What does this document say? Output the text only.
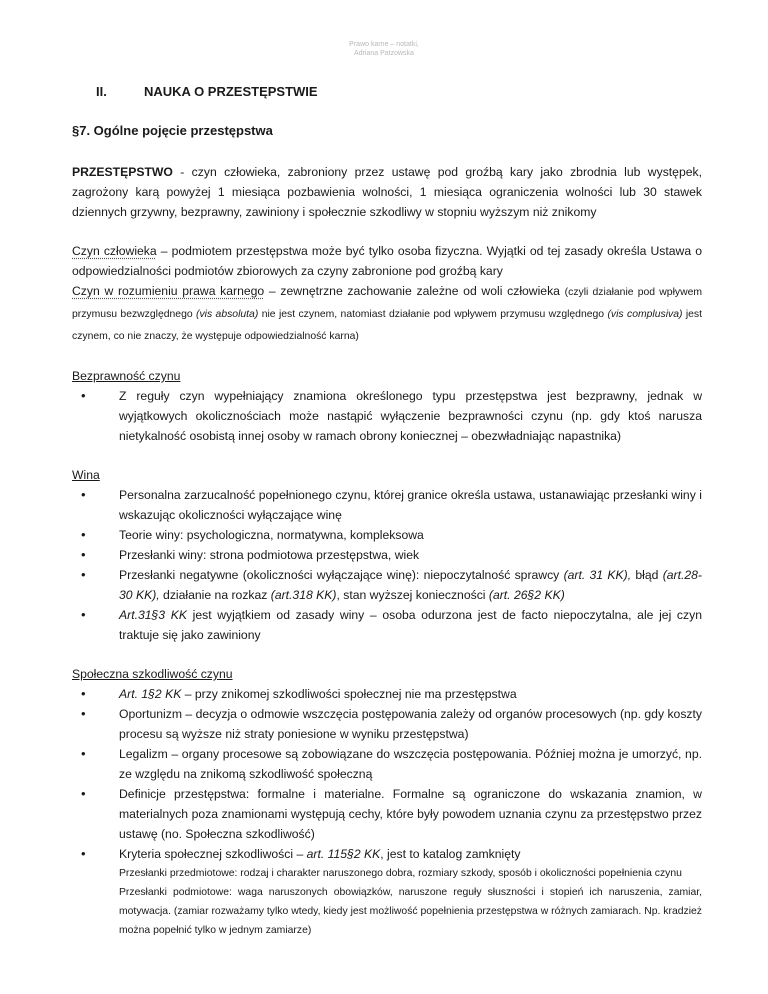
Prawo karne – notatki,
Adriana Patzowska
II.	NAUKA O PRZESTĘPSTWIE
§7. Ogólne pojęcie przestępstwa

PRZESTĘPSTWO - czyn człowieka, zabroniony przez ustawę pod groźbą kary jako zbrodnia lub występek, zagrożony karą powyżej 1 miesiąca pozbawienia wolności, 1 miesiąca ograniczenia wolności lub 30 stawek dziennych grzywny, bezprawny, zawiniony i społecznie szkodliwy w stopniu wyższym niż znikomy

Czyn człowieka – podmiotem przestępstwa może być tylko osoba fizyczna. Wyjątki od tej zasady określa Ustawa o odpowiedzialności podmiotów zbiorowych za czyny zabronione pod groźbą kary

Czyn w rozumieniu prawa karnego – zewnętrzne zachowanie zależne od woli człowieka (czyli działanie pod wpływem przymusu bezwzględnego (vis absoluta) nie jest czynem, natomiast działanie pod wpływem przymusu względnego (vis complusiva) jest czynem, co nie znaczy, że występuje odpowiedzialność karna)

Bezprawność czynu

• Z reguły czyn wypełniający znamiona określonego typu przestępstwa jest bezprawny, jednak w wyjątkowych okolicznościach może nastąpić wyłączenie bezprawności czynu (np. gdy ktoś narusza nietykalność osobistą innej osoby w ramach obrony koniecznej – obezwładniając napastnika)

Wina

• Personalna zarzucalność popełnionego czynu, której granice określa ustawa, ustanawiając przesłanki winy i wskazując okoliczności wyłączające winę
• Teorie winy: psychologiczna, normatywna, kompleksowa
• Przesłanki winy: strona podmiotowa przestępstwa, wiek
• Przesłanki negatywne (okoliczności wyłączające winę): niepoczytalność sprawcy (art. 31 KK), błąd (art.28-30 KK), działanie na rozkaz (art.318 KK), stan wyższej konieczności (art. 26§2 KK)
• Art.31§3 KK jest wyjątkiem od zasady winy – osoba odurzona jest de facto niepoczytalna, ale jej czyn traktuje się jako zawiniony

Społeczna szkodliwość czynu

• Art. 1§2 KK – przy znikomej szkodliwości społecznej nie ma przestępstwa
• Oportunizm – decyzja o odmowie wszczęcia postępowania zależy od organów procesowych (np. gdy koszty procesu są wyższe niż straty poniesione w wyniku przestępstwa)
• Legalizm – organy procesowe są zobowiązane do wszczęcia postępowania. Później można je umorzyć, np. ze względu na znikomą szkodliwość społeczną
• Definicje przestępstwa: formalne i materialne. Formalne są ograniczone do wskazania znamion, w materialnych poza znamionami występują cechy, które były powodem uznania czynu za przestępstwo przez ustawę (no. Społeczna szkodliwość)
• Kryteria społecznej szkodliwości – art. 115§2 KK, jest to katalog zamknięty

Przesłanki przedmiotowe: rodzaj i charakter naruszonego dobra, rozmiary szkody, sposób i okoliczności popełnienia czynu

Przesłanki podmiotowe: waga naruszonych obowiązków, naruszone reguły słuszności i stopień ich naruszenia, zamiar, motywacja. (zamiar rozważamy tylko wtedy, kiedy jest możliwość popełnienia przestępstwa w różnych zamiarach. Np. kradzież można popełnić tylko w jednym zamiarze)
